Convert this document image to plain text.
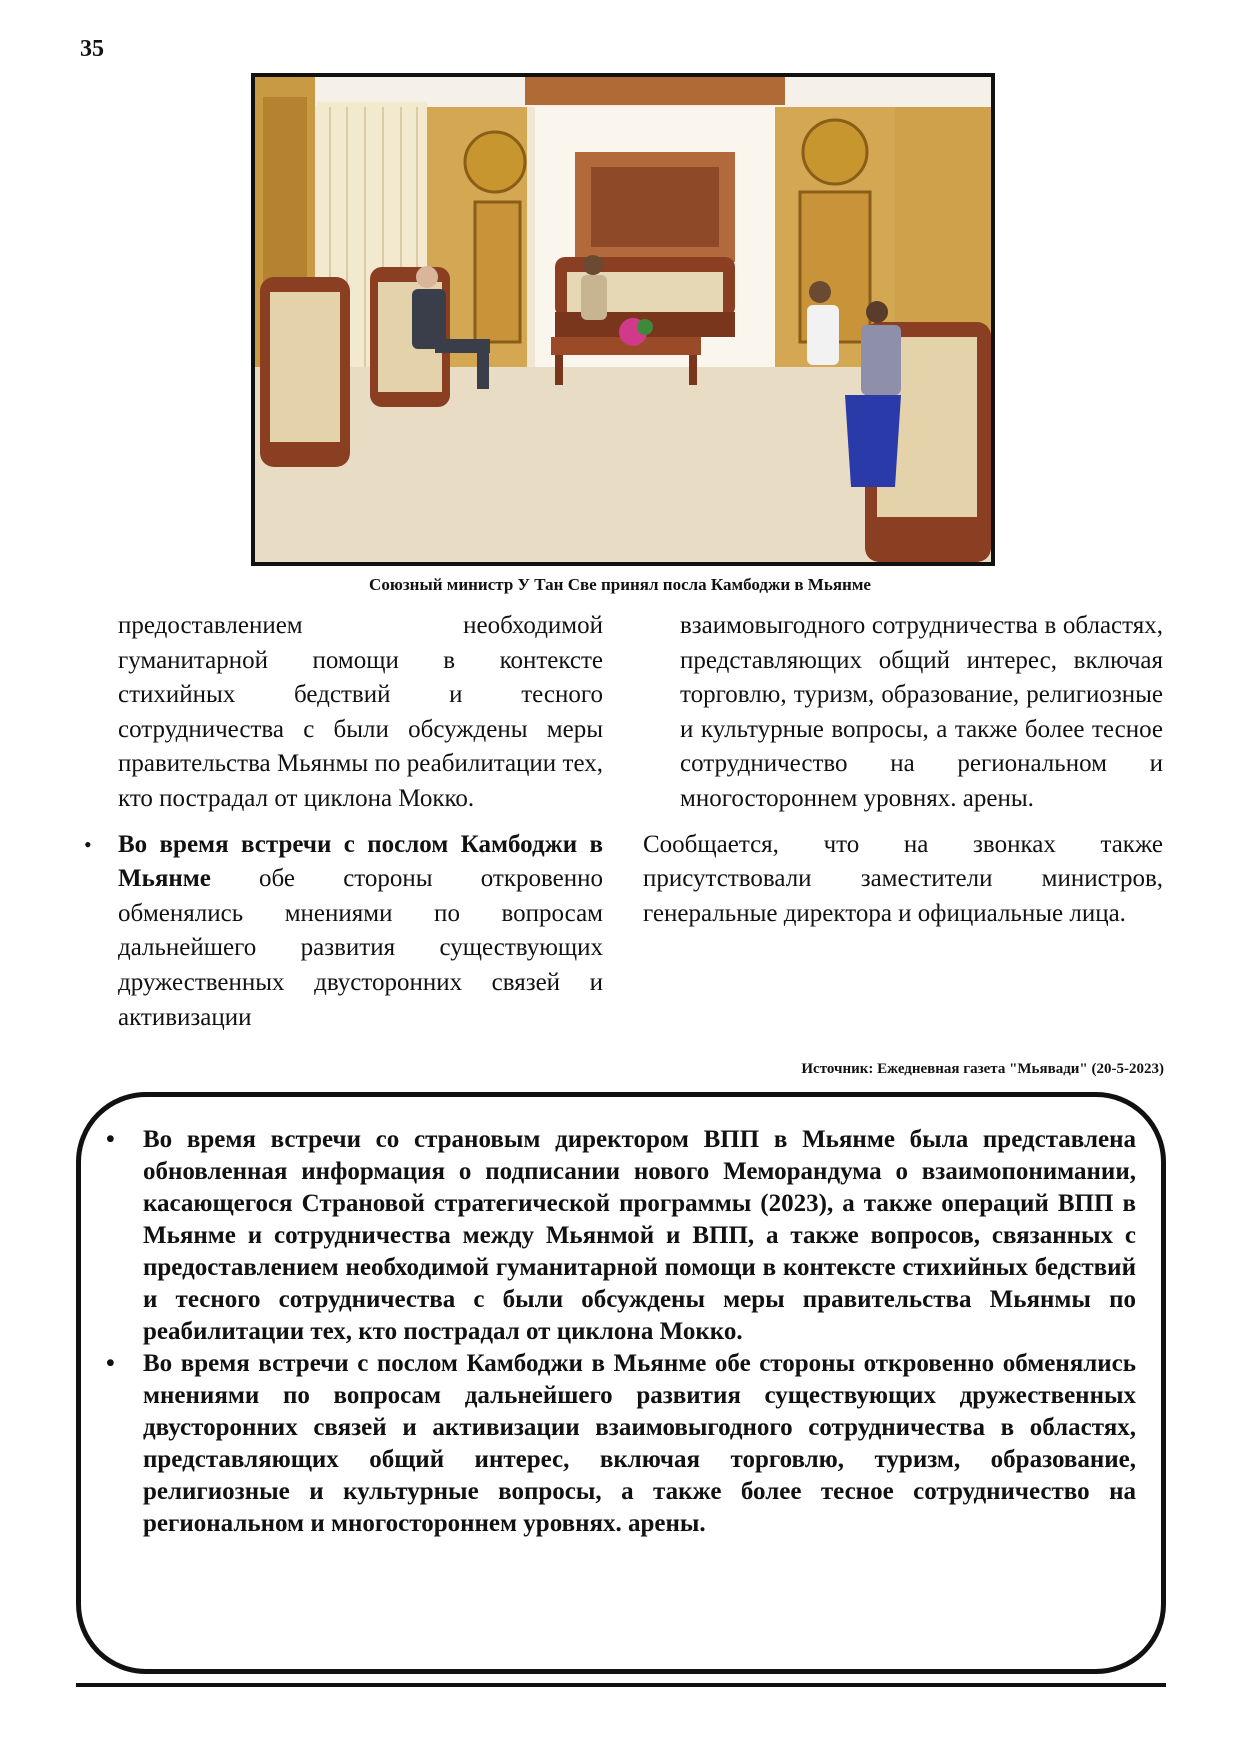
35
Союзный министр У Тан Све принял посла Камбоджи в Мьянме

предоставлением необходимой гуманитарной помощи в контексте стихийных бедствий и тесного сотрудничества с были обсуждены меры правительства Мьянмы по реабилитации тех, кто пострадал от циклона Мокко.

• Во время встречи с послом Камбоджи в Мьянме обе стороны откровенно обменялись мнениями по вопросам дальнейшего развития существующих дружественных двусторонних связей и активизации

взаимовыгодного сотрудничества в областях, представляющих общий интерес, включая торговлю, туризм, образование, религиозные и культурные вопросы, а также более тесное сотрудничество на региональном и многостороннем уровнях. арены.

Сообщается, что на звонках также присутствовали заместители министров, генеральные директора и официальные лица.

Источник: Ежедневная газета "Мьявади" (20-5-2023)
• Во время встречи со страновым директором ВПП в Мьянме была представлена обновленная информация о подписании нового Меморандума о взаимопонимании, касающегося Страновой стратегической программы (2023), а также операций ВПП в Мьянме и сотрудничества между Мьянмой и ВПП, а также вопросов, связанных с предоставлением необходимой гуманитарной помощи в контексте стихийных бедствий и тесного сотрудничества с были обсуждены меры правительства Мьянмы по реабилитации тех, кто пострадал от циклона Мокко.
• Во время встречи с послом Камбоджи в Мьянме обе стороны откровенно обменялись мнениями по вопросам дальнейшего развития существующих дружественных двусторонних связей и активизации взаимовыгодного сотрудничества в областях, представляющих общий интерес, включая торговлю, туризм, образование, религиозные и культурные вопросы, а также более тесное сотрудничество на региональном и многостороннем уровнях. арены.
